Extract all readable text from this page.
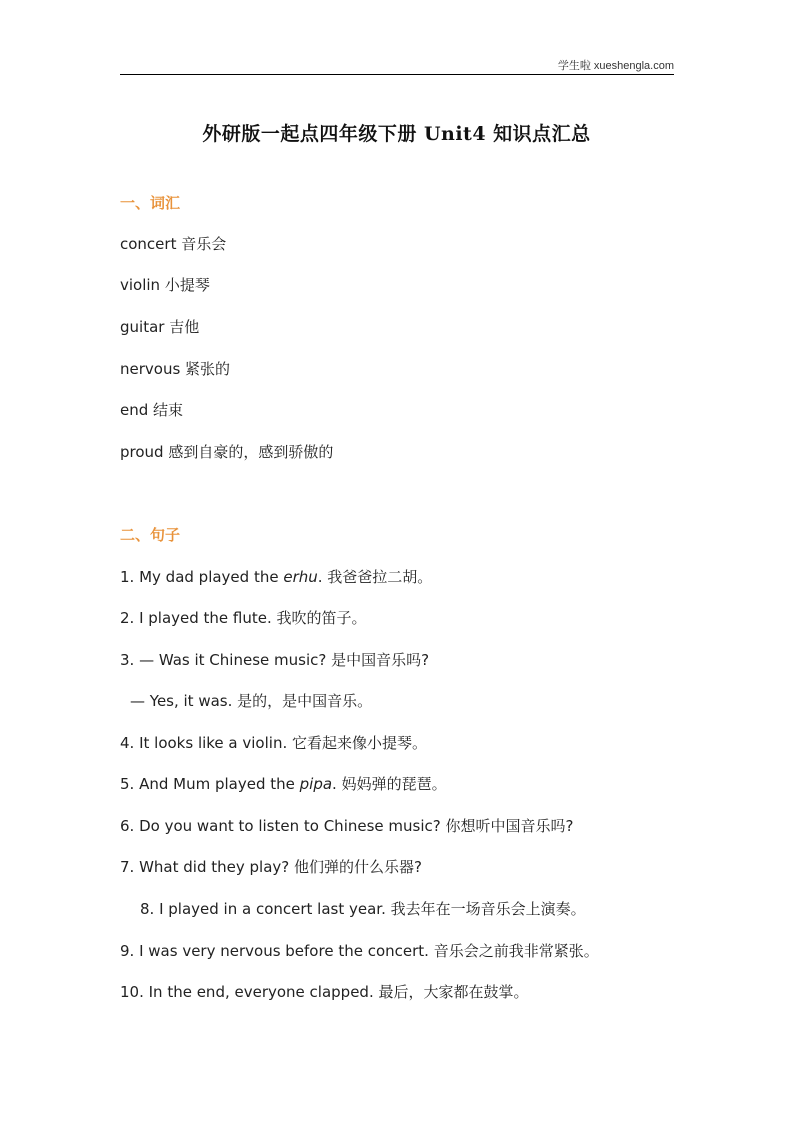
学生啦 xueshengla.com
外研版一起点四年级下册 Unit4 知识点汇总
一、词汇
concert 音乐会
violin 小提琴
guitar 吉他
nervous 紧张的
end 结束
proud 感到自豪的，感到骄傲的
二、句子
1. My dad played the erhu. 我爸爸拉二胡。
2. I played the flute. 我吹的笛子。
3. — Was it Chinese music? 是中国音乐吗?
— Yes, it was. 是的，是中国音乐。
4. It looks like a violin. 它看起来像小提琴。
5. And Mum played the pipa. 妈妈弹的琵琶。
6. Do you want to listen to Chinese music? 你想听中国音乐吗?
7. What did they play? 他们弹的什么乐器?
8. I played in a concert last year. 我去年在一场音乐会上演奏。
9. I was very nervous before the concert. 音乐会之前我非常紧张。
10. In the end, everyone clapped. 最后，大家都在鼓掌。
